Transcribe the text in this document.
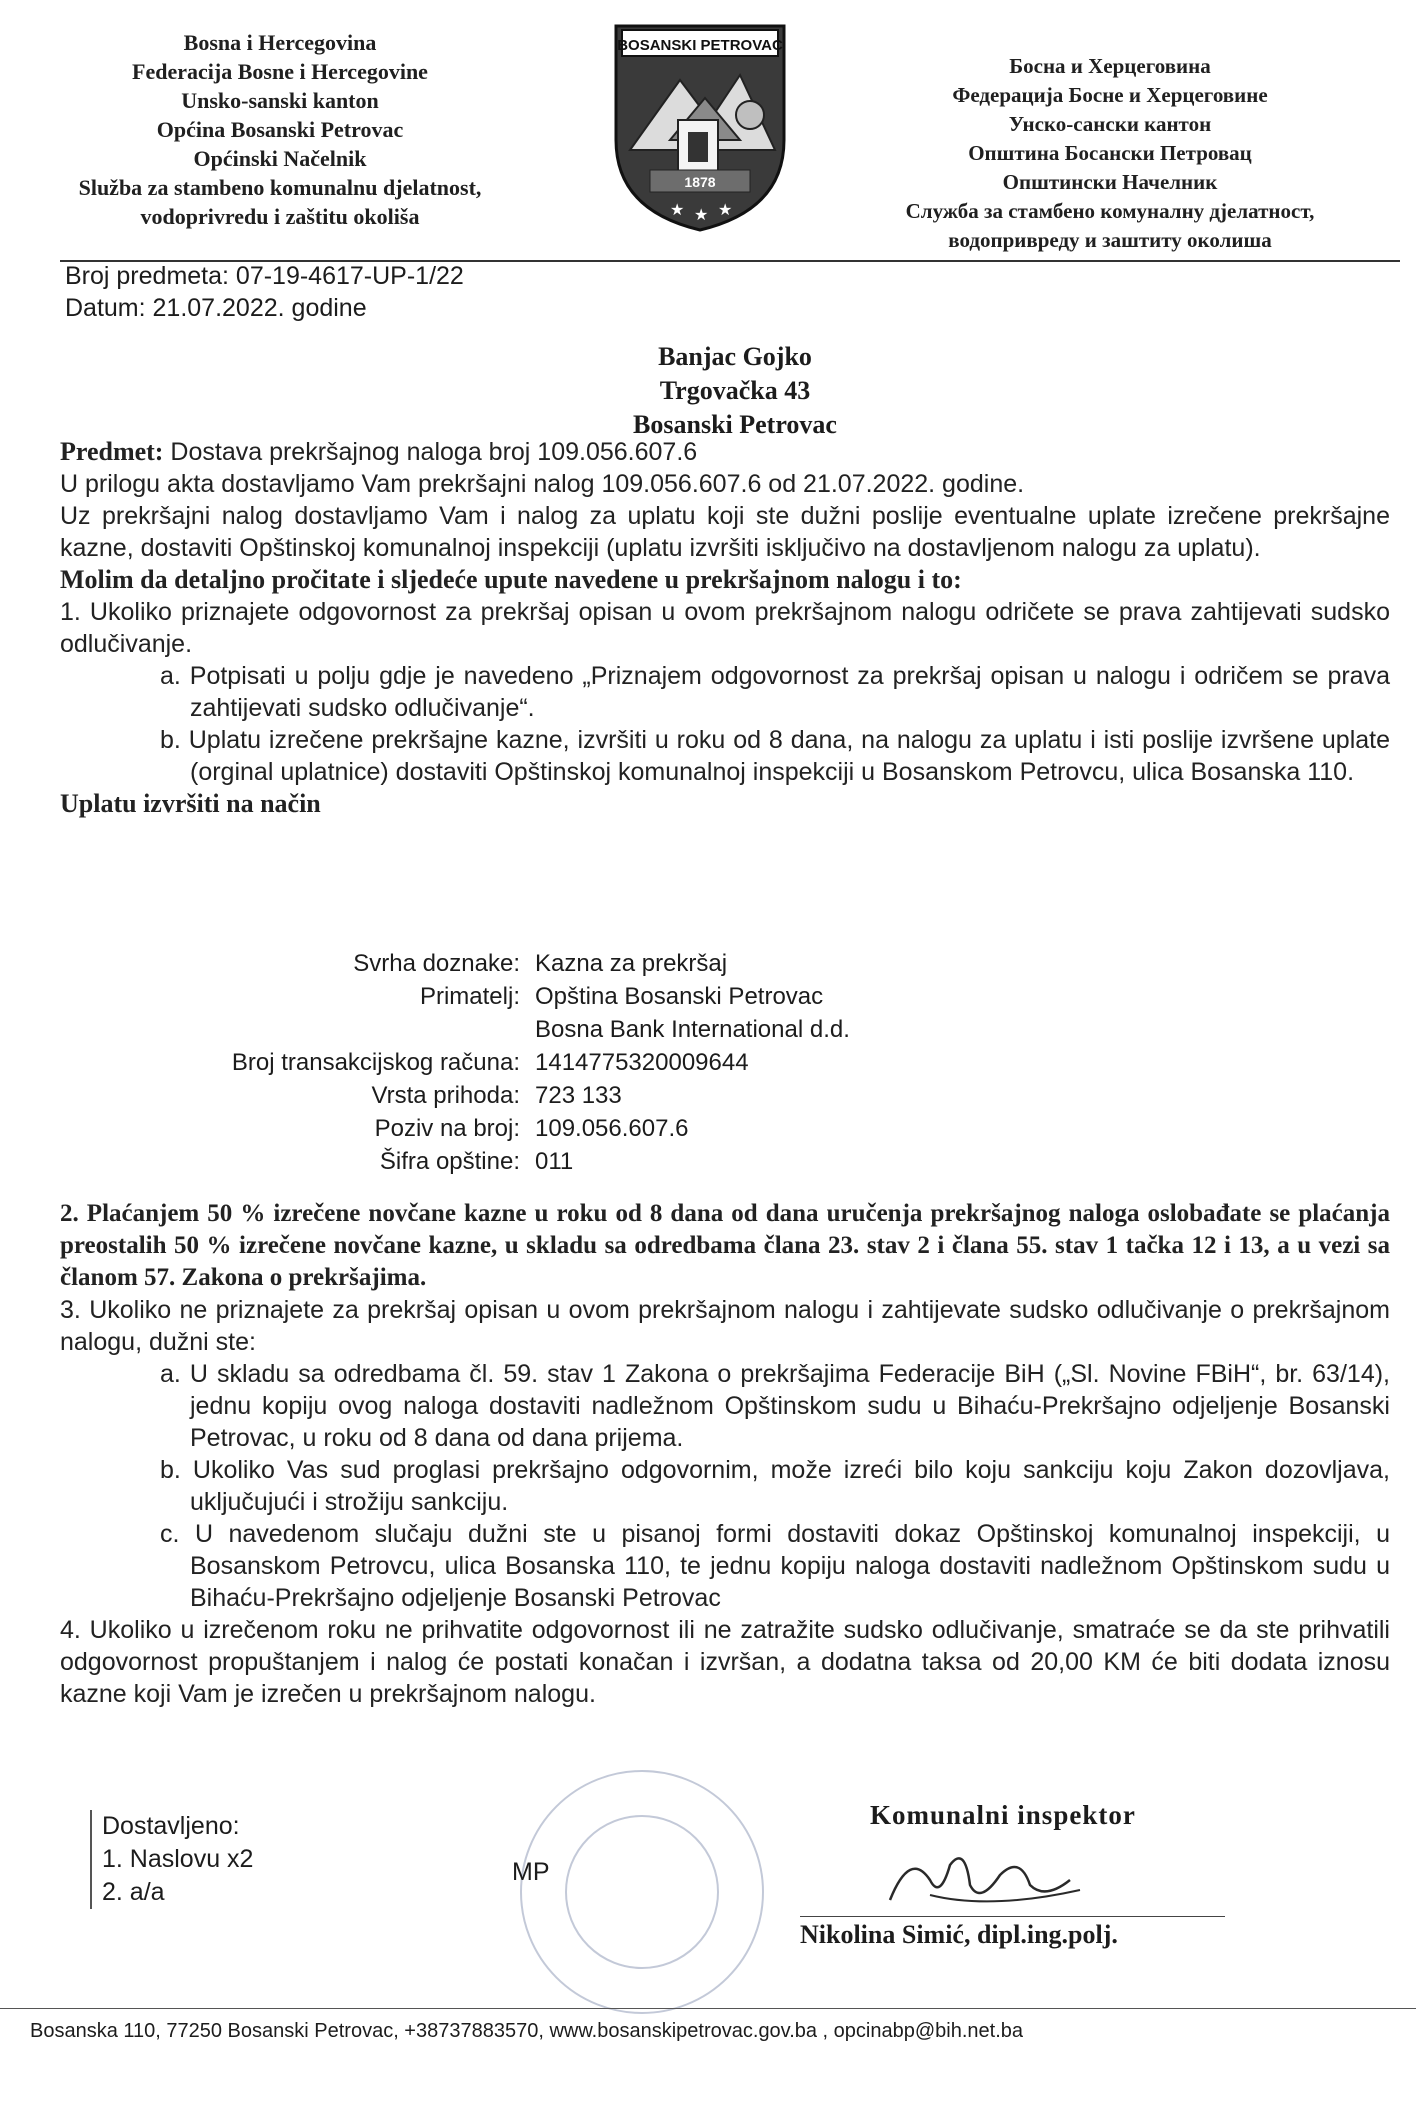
Bosna i Hercegovina
Federacija Bosne i Hercegovine
Unsko-sanski kanton
Općina Bosanski Petrovac
Općinski Načelnik
Služba za stambeno komunalnu djelatnost,
vodoprivredu i zaštitu okoliša
BOSANSKI PETROVAC
1878
★ ★ ★
Босна и Херцеговина
Федерација Босне и Херцеговине
Унско-сански кантон
Општина Босански Петровац
Општински Начелник
Служба за стамбено комуналну дјелатност,
водопривреду и заштиту околиша
Broj predmeta: 07-19-4617-UP-1/22
Datum: 21.07.2022. godine
Banjac Gojko
Trgovačka 43
Bosanski Petrovac
Predmet: Dostava prekršajnog naloga broj 109.056.607.6
U prilogu akta dostavljamo Vam prekršajni nalog 109.056.607.6 od 21.07.2022. godine.
Uz prekršajni nalog dostavljamo Vam i nalog za uplatu koji ste dužni poslije eventualne uplate izrečene prekršajne kazne, dostaviti Opštinskoj komunalnoj inspekciji (uplatu izvršiti isključivo na dostavljenom nalogu za uplatu).
Molim da detaljno pročitate i sljedeće upute navedene u prekršajnom nalogu i to:
1. Ukoliko priznajete odgovornost za prekršaj opisan u ovom prekršajnom nalogu odričete se prava zahtijevati sudsko odlučivanje.
a. Potpisati u polju gdje je navedeno „Priznajem odgovornost za prekršaj opisan u nalogu i odričem se prava zahtijevati sudsko odlučivanje“.
b. Uplatu izrečene prekršajne kazne, izvršiti u roku od 8 dana, na nalogu za uplatu i isti poslije izvršene uplate (orginal uplatnice) dostaviti Opštinskoj komunalnoj inspekciji u Bosanskom Petrovcu, ulica Bosanska 110.
Uplatu izvršiti na način
Svrha doznake: Kazna za prekršaj
Primatelj: Opština Bosanski Petrovac
Bosna Bank International d.d.
Broj transakcijskog računa: 1414775320009644
Vrsta prihoda: 723 133
Poziv na broj: 109.056.607.6
Šifra opštine: 011
2. Plaćanjem 50 % izrečene novčane kazne u roku od 8 dana od dana uručenja prekršajnog naloga oslobađate se plaćanja preostalih 50 % izrečene novčane kazne, u skladu sa odredbama člana 23. stav 2 i člana 55. stav 1 tačka 12 i 13, a u vezi sa članom 57. Zakona o prekršajima.
3. Ukoliko ne priznajete za prekršaj opisan u ovom prekršajnom nalogu i zahtijevate sudsko odlučivanje o prekršajnom nalogu, dužni ste:
a. U skladu sa odredbama čl. 59. stav 1 Zakona o prekršajima Federacije BiH („Sl. Novine FBiH“, br. 63/14), jednu kopiju ovog naloga dostaviti nadležnom Opštinskom sudu u Bihaću-Prekršajno odjeljenje Bosanski Petrovac, u roku od 8 dana od dana prijema.
b. Ukoliko Vas sud proglasi prekršajno odgovornim, može izreći bilo koju sankciju koju Zakon dozovljava, uključujući i strožiju sankciju.
c. U navedenom slučaju dužni ste u pisanoj formi dostaviti dokaz Opštinskoj komunalnoj inspekciji, u Bosanskom Petrovcu, ulica Bosanska 110, te jednu kopiju naloga dostaviti nadležnom Opštinskom sudu u Bihaću-Prekršajno odjeljenje Bosanski Petrovac
4. Ukoliko u izrečenom roku ne prihvatite odgovornost ili ne zatražite sudsko odlučivanje, smatraće se da ste prihvatili odgovornost propuštanjem i nalog će postati konačan i izvršan, a dodatna taksa od 20,00 KM će biti dodata iznosu kazne koji Vam je izrečen u prekršajnom nalogu.
Dostavljeno:
1. Naslovu x2
2. a/a
MP
Komunalni inspektor
Nikolina Simić, dipl.ing.polj.
Bosanska 110, 77250 Bosanski Petrovac, +38737883570, www.bosanskipetrovac.gov.ba , opcinabp@bih.net.ba
